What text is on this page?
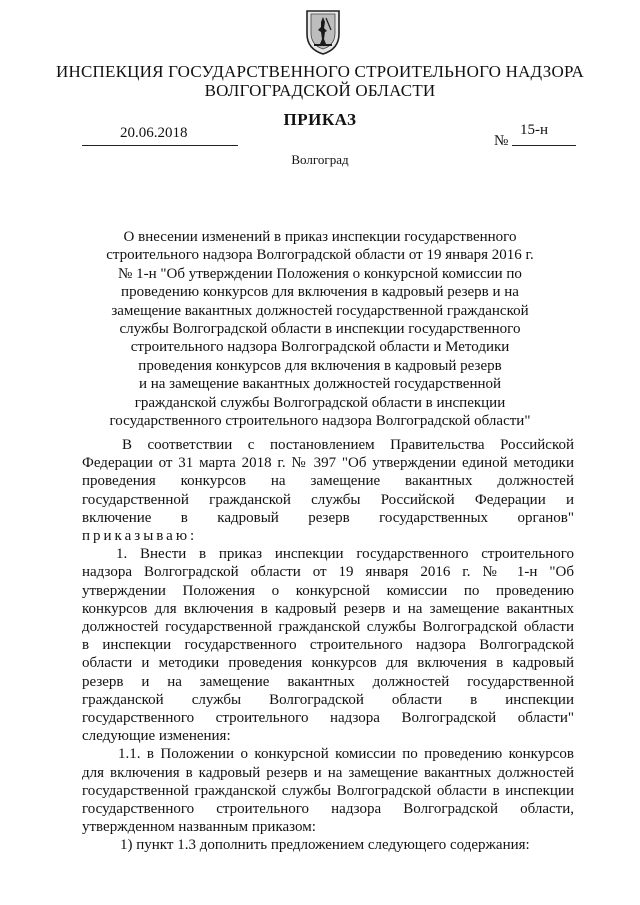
ИНСПЕКЦИЯ ГОСУДАРСТВЕННОГО СТРОИТЕЛЬНОГО НАДЗОРА
ВОЛГОГРАДСКОЙ ОБЛАСТИ
ПРИКАЗ
20.06.2018	№
15-н
Волгоград
О внесении изменений в приказ инспекции государственного
строительного надзора Волгоградской области от 19 января 2016 г.
№ 1-н "Об утверждении Положения о конкурсной комиссии по
проведению конкурсов для включения в кадровый резерв и на
замещение вакантных должностей государственной гражданской
службы Волгоградской области в инспекции государственного
строительного надзора Волгоградской области и Методики
проведения конкурсов для включения в кадровый резерв
и на замещение вакантных должностей государственной
гражданской службы Волгоградской области в инспекции
государственного строительного надзора Волгоградской области"
В соответствии с постановлением Правительства Российской
Федерации от 31 марта 2018 г. № 397 "Об утверждении единой методики
проведения конкурсов на замещение вакантных должностей
государственной гражданской службы Российской Федерации и
включение в кадровый резерв государственных органов"
приказываю:
1. Внести в приказ инспекции государственного строительного
надзора Волгоградской области от 19 января 2016 г. № 1-н "Об
утверждении Положения о конкурсной комиссии по проведению
конкурсов для включения в кадровый резерв и на замещение вакантных
должностей государственной гражданской службы Волгоградской области
в инспекции государственного строительного надзора Волгоградской
области и методики проведения конкурсов для включения в кадровый
резерв и на замещение вакантных должностей государственной
гражданской службы Волгоградской области в инспекции
государственного строительного надзора Волгоградской области"
следующие изменения:
1.1. в Положении о конкурсной комиссии по проведению конкурсов
для включения в кадровый резерв и на замещение вакантных должностей
государственной гражданской службы Волгоградской области в инспекции
государственного строительного надзора Волгоградской области,
утвержденном названным приказом:
1) пункт 1.3 дополнить предложением следующего содержания:
